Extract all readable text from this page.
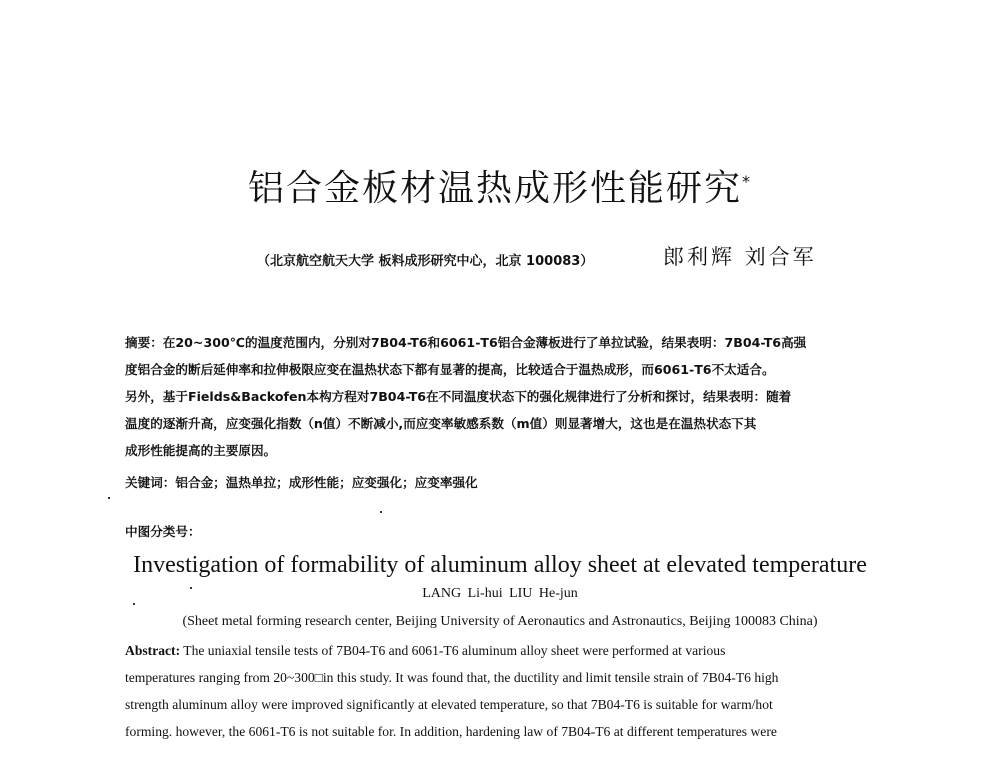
铝合金板材温热成形性能研究*
（北京航空航天大学 板料成形研究中心，北京 100083）	郎利辉 刘合军
摘要：在20~300℃的温度范围内，分别对7B04-T6和6061-T6铝合金薄板进行了单拉试验，结果表明：7B04-T6高强
度铝合金的断后延伸率和拉伸极限应变在温热状态下都有显著的提高，比较适合于温热成形，而6061-T6不太适合。
另外，基于Fields&Backofen本构方程对7B04-T6在不同温度状态下的强化规律进行了分析和探讨，结果表明：随着
温度的逐渐升高，应变强化指数（n值）不断减小,而应变率敏感系数（m值）则显著增大，这也是在温热状态下其
成形性能提高的主要原因。
关键词：铝合金；温热单拉；成形性能；应变强化；应变率强化
中图分类号：
Investigation of formability of aluminum alloy sheet at elevated temperature
LANG Li-hui LIU He-jun
(Sheet metal forming research center, Beijing University of Aeronautics and Astronautics, Beijing 100083 China)
Abstract: The uniaxial tensile tests of 7B04-T6 and 6061-T6 aluminum alloy sheet were performed at various
temperatures ranging from 20~300□in this study. It was found that, the ductility and limit tensile strain of 7B04-T6 high
strength aluminum alloy were improved significantly at elevated temperature, so that 7B04-T6 is suitable for warm/hot
forming. however, the 6061-T6 is not suitable for. In addition, hardening law of 7B04-T6 at different temperatures were
